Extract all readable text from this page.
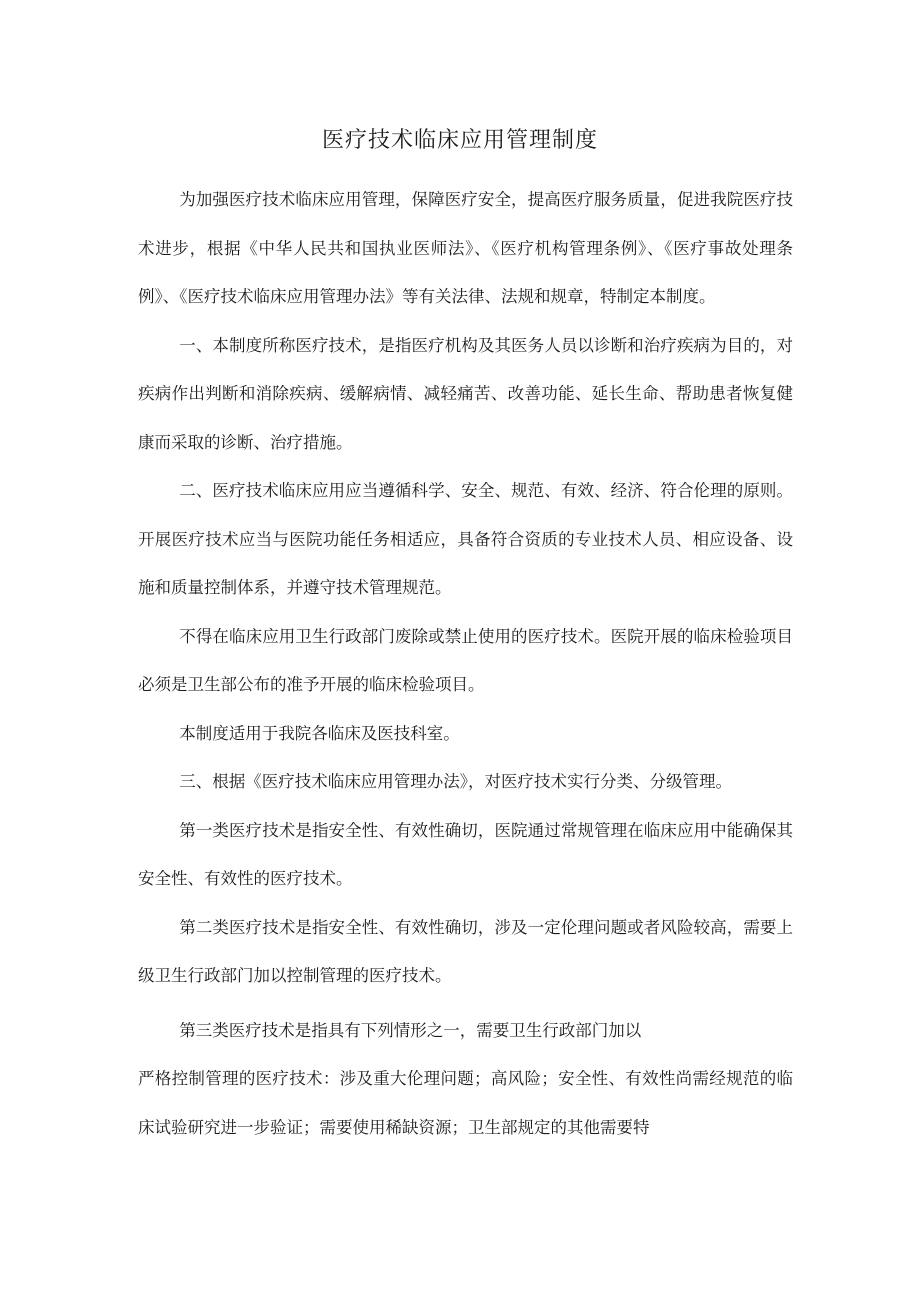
医疗技术临床应用管理制度

为加强医疗技术临床应用管理，保障医疗安全，提高医疗服务质量，促进我院医疗技术进步，根据《中华人民共和国执业医师法》、《医疗机构管理条例》、《医疗事故处理条例》、《医疗技术临床应用管理办法》等有关法律、法规和规章，特制定本制度。

一、本制度所称医疗技术，是指医疗机构及其医务人员以诊断和治疗疾病为目的，对疾病作出判断和消除疾病、缓解病情、减轻痛苦、改善功能、延长生命、帮助患者恢复健康而采取的诊断、治疗措施。

二、医疗技术临床应用应当遵循科学、安全、规范、有效、经济、符合伦理的原则。开展医疗技术应当与医院功能任务相适应，具备符合资质的专业技术人员、相应设备、设施和质量控制体系，并遵守技术管理规范。

不得在临床应用卫生行政部门废除或禁止使用的医疗技术。医院开展的临床检验项目必须是卫生部公布的准予开展的临床检验项目。

本制度适用于我院各临床及医技科室。

三、根据《医疗技术临床应用管理办法》，对医疗技术实行分类、分级管理。

第一类医疗技术是指安全性、有效性确切，医院通过常规管理在临床应用中能确保其安全性、有效性的医疗技术。

第二类医疗技术是指安全性、有效性确切，涉及一定伦理问题或者风险较高，需要上级卫生行政部门加以控制管理的医疗技术。

第三类医疗技术是指具有下列情形之一，需要卫生行政部门加以

严格控制管理的医疗技术：涉及重大伦理问题；高风险；安全性、有效性尚需经规范的临床试验研究进一步验证；需要使用稀缺资源；卫生部规定的其他需要特
